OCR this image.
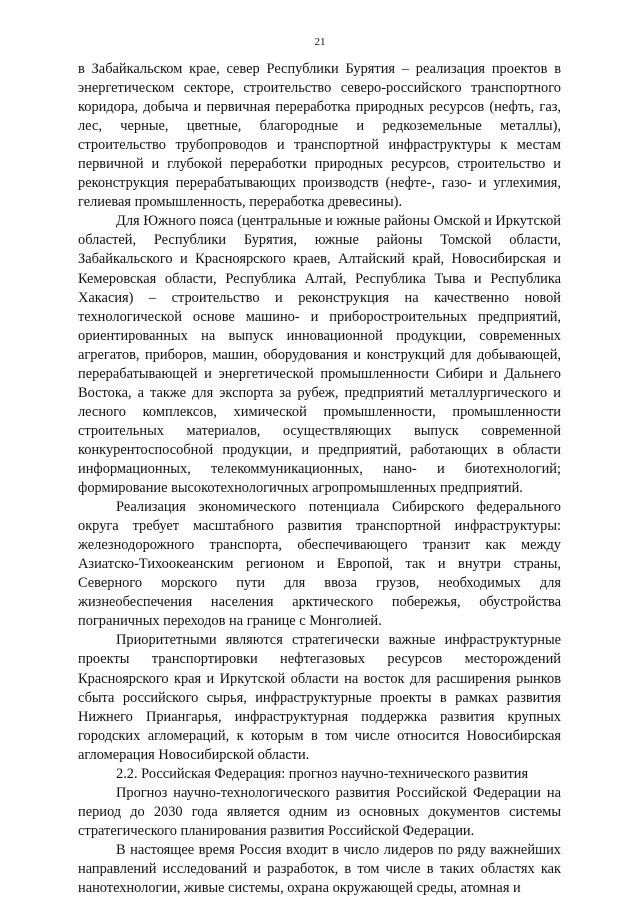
21

в Забайкальском крае, север Республики Бурятия – реализация проектов в энергетическом секторе, строительство северо-российского транспортного коридора, добыча и первичная переработка природных ресурсов (нефть, газ, лес, черные, цветные, благородные и редкоземельные металлы), строительство трубопроводов и транспортной инфраструктуры к местам первичной и глубокой переработки природных ресурсов, строительство и реконструкция перерабатывающих производств (нефте-, газо- и углехимия, гелиевая промышленность, переработка древесины).

Для Южного пояса (центральные и южные районы Омской и Иркутской областей, Республики Бурятия, южные районы Томской области, Забайкальского и Красноярского краев, Алтайский край, Новосибирская и Кемеровская области, Республика Алтай, Республика Тыва и Республика Хакасия) – строительство и реконструкция на качественно новой технологической основе машино- и приборостроительных предприятий, ориентированных на выпуск инновационной продукции, современных агрегатов, приборов, машин, оборудования и конструкций для добывающей, перерабатывающей и энергетической промышленности Сибири и Дальнего Востока, а также для экспорта за рубеж, предприятий металлургического и лесного комплексов, химической промышленности, промышленности строительных материалов, осуществляющих выпуск современной конкурентоспособной продукции, и предприятий, работающих в области информационных, телекоммуникационных, нано- и биотехнологий; формирование высокотехнологичных агропромышленных предприятий.

Реализация экономического потенциала Сибирского федерального округа требует масштабного развития транспортной инфраструктуры: железнодорожного транспорта, обеспечивающего транзит как между Азиатско-Тихоокеанским регионом и Европой, так и внутри страны, Северного морского пути для ввоза грузов, необходимых для жизнеобеспечения населения арктического побережья, обустройства пограничных переходов на границе с Монголией.

Приоритетными являются стратегически важные инфраструктурные проекты транспортировки нефтегазовых ресурсов месторождений Красноярского края и Иркутской области на восток для расширения рынков сбыта российского сырья, инфраструктурные проекты в рамках развития Нижнего Приангарья, инфраструктурная поддержка развития крупных городских агломераций, к которым в том числе относится Новосибирская агломерация Новосибирской области.

2.2. Российская Федерация: прогноз научно-технического развития

Прогноз научно-технологического развития Российской Федерации на период до 2030 года является одним из основных документов системы стратегического планирования развития Российской Федерации.

В настоящее время Россия входит в число лидеров по ряду важнейших направлений исследований и разработок, в том числе в таких областях как нанотехнологии, живые системы, охрана окружающей среды, атомная и
